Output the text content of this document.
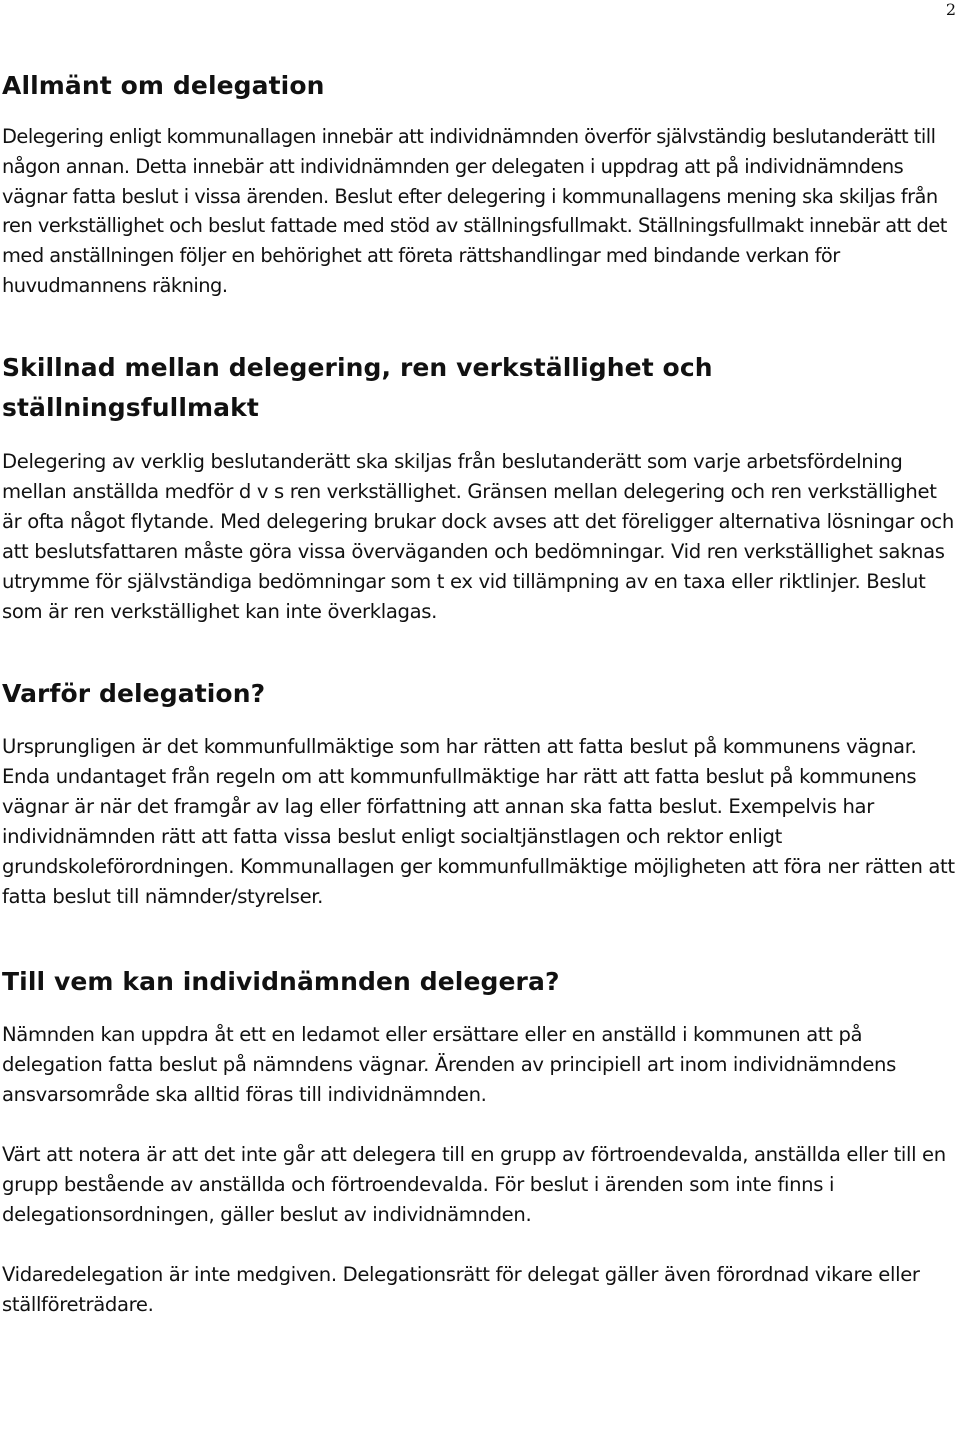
2
Allmänt om delegation

Delegering enligt kommunallagen innebär att individnämnden överför självständig beslutanderätt till någon annan. Detta innebär att individnämnden ger delegaten i uppdrag att på individnämndens vägnar fatta beslut i vissa ärenden. Beslut efter delegering i kommunallagens mening ska skiljas från ren verkställighet och beslut fattade med stöd av ställningsfullmakt. Ställningsfullmakt innebär att det med anställningen följer en behörighet att företa rättshandlingar med bindande verkan för huvudmannens räkning.

Skillnad mellan delegering, ren verkställighet och ställningsfullmakt

Delegering av verklig beslutanderätt ska skiljas från beslutanderätt som varje arbetsfördelning mellan anställda medför d v s ren verkställighet. Gränsen mellan delegering och ren verkställighet är ofta något flytande. Med delegering brukar dock avses att det föreligger alternativa lösningar och att beslutsfattaren måste göra vissa överväganden och bedömningar. Vid ren verkställighet saknas utrymme för självständiga bedömningar som t ex vid tillämpning av en taxa eller riktlinjer. Beslut som är ren verkställighet kan inte överklagas.

Varför delegation?

Ursprungligen är det kommunfullmäktige som har rätten att fatta beslut på kommunens vägnar. Enda undantaget från regeln om att kommunfullmäktige har rätt att fatta beslut på kommunens vägnar är när det framgår av lag eller författning att annan ska fatta beslut. Exempelvis har individnämnden rätt att fatta vissa beslut enligt socialtjänstlagen och rektor enligt grundskoleförordningen. Kommunallagen ger kommunfullmäktige möjligheten att föra ner rätten att fatta beslut till nämnder/styrelser.

Till vem kan individnämnden delegera?

Nämnden kan uppdra åt ett en ledamot eller ersättare eller en anställd i kommunen att på delegation fatta beslut på nämndens vägnar. Ärenden av principiell art inom individnämndens ansvarsområde ska alltid föras till individnämnden.

Värt att notera är att det inte går att delegera till en grupp av förtroendevalda, anställda eller till en grupp bestående av anställda och förtroendevalda. För beslut i ärenden som inte finns i delegationsordningen, gäller beslut av individnämnden.

Vidaredelegation är inte medgiven. Delegationsrätt för delegat gäller även förordnad vikare eller ställföreträdare.
